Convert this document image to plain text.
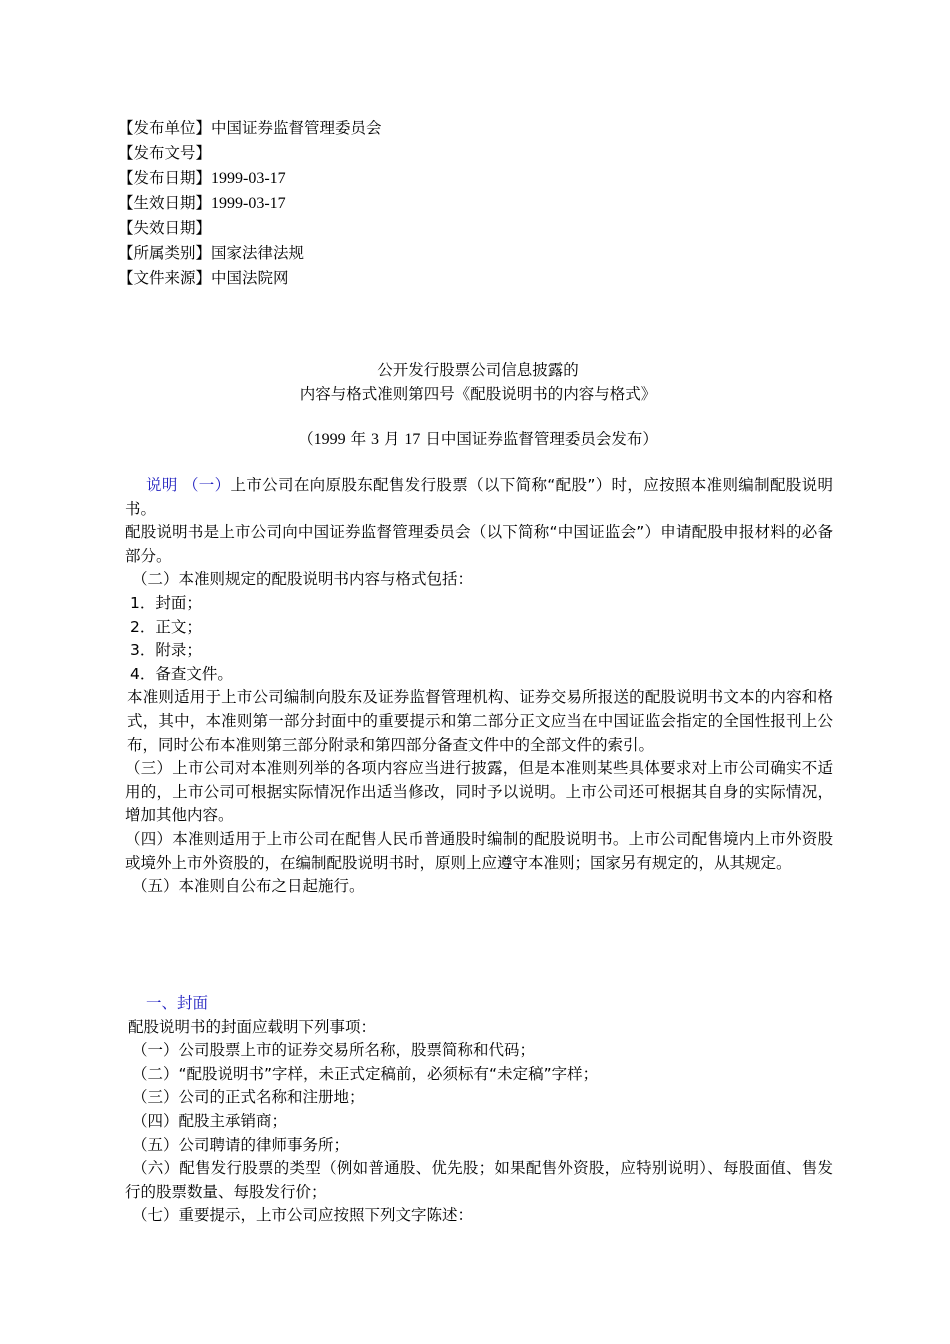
【发布单位】中国证券监督管理委员会
【发布文号】
【发布日期】1999-03-17
【生效日期】1999-03-17
【失效日期】
【所属类别】国家法律法规
【文件来源】中国法院网
公开发行股票公司信息披露的
内容与格式准则第四号《配股说明书的内容与格式》
（1999 年 3 月 17 日中国证券监督管理委员会发布）
说明 （一）上市公司在向原股东配售发行股票（以下简称“配股”）时，应按照本准则编制配股说明书。
配股说明书是上市公司向中国证券监督管理委员会（以下简称“中国证监会”）申请配股申报材料的必备部分。
（二）本准则规定的配股说明书内容与格式包括：
1．封面；
2．正文；
3．附录；
4．备查文件。
本准则适用于上市公司编制向股东及证券监督管理机构、证券交易所报送的配股说明书文本的内容和格式，其中，本准则第一部分封面中的重要提示和第二部分正文应当在中国证监会指定的全国性报刊上公布，同时公布本准则第三部分附录和第四部分备查文件中的全部文件的索引。
（三）上市公司对本准则列举的各项内容应当进行披露，但是本准则某些具体要求对上市公司确实不适用的，上市公司可根据实际情况作出适当修改，同时予以说明。上市公司还可根据其自身的实际情况，增加其他内容。
（四）本准则适用于上市公司在配售人民币普通股时编制的配股说明书。上市公司配售境内上市外资股或境外上市外资股的，在编制配股说明书时，原则上应遵守本准则；国家另有规定的，从其规定。
（五）本准则自公布之日起施行。
一、封面
配股说明书的封面应载明下列事项：
（一）公司股票上市的证券交易所名称，股票简称和代码；
（二）“配股说明书”字样，未正式定稿前，必须标有“未定稿”字样；
（三）公司的正式名称和注册地；
（四）配股主承销商；
（五）公司聘请的律师事务所；
（六）配售发行股票的类型（例如普通股、优先股；如果配售外资股，应特别说明）、每股面值、售发行的股票数量、每股发行价；
（七）重要提示，上市公司应按照下列文字陈述：
